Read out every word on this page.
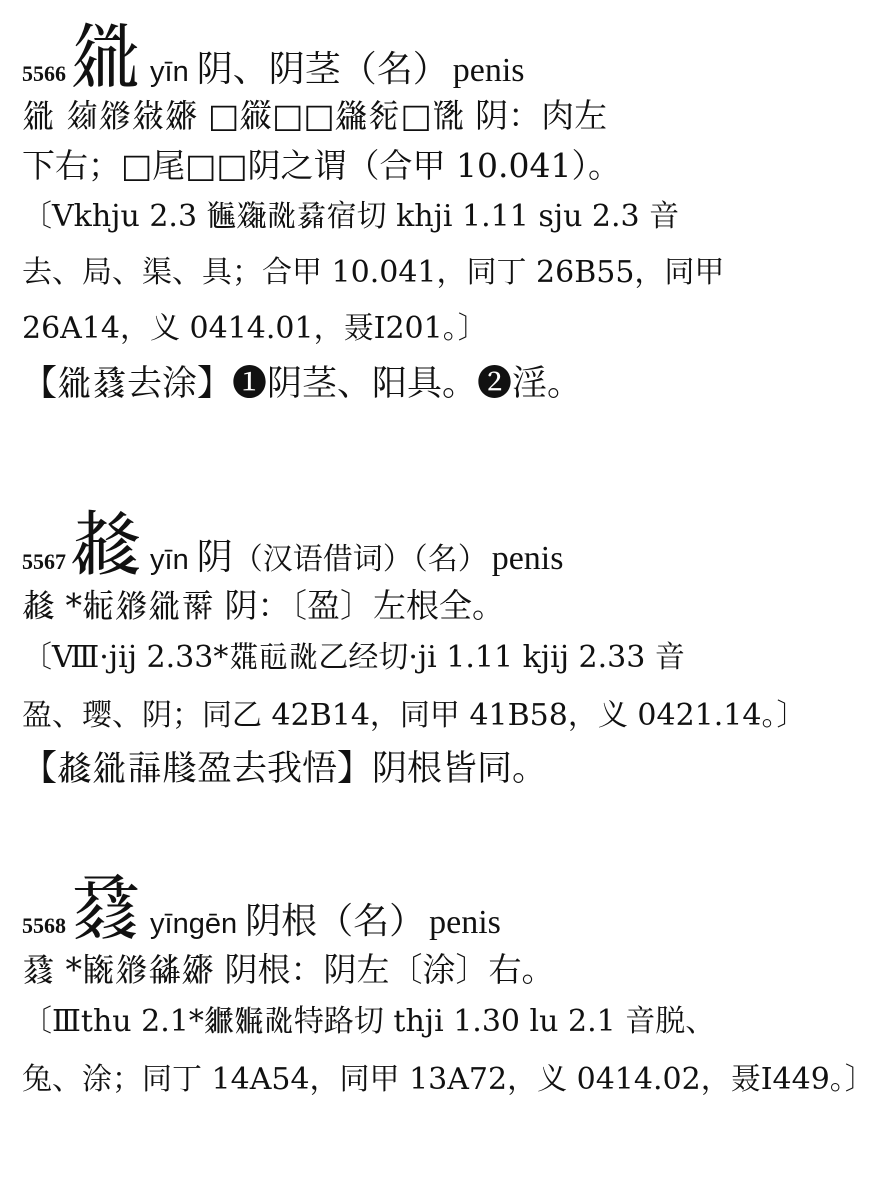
5566 𗥦 yīn 阴、阴茎 （名） penis

𗥦 𗦻𗧁𗨀𗩍 □𗪡□□𗫈𗬣□𗭮 阴：肉左

下右；□尾□□阴之谓（合甲 10.041）。

〔Ⅴkhju 2.3 𗮿𗯥𗰚𗱣宿切 khji 1.11 sju 2.3 音

去、局、渠、具；合甲 10.041，同丁 26B55，同甲

26A14，义 0414.01，聂Ⅰ201。〕

【𗥦𗲔去涂】❶阴茎、阳具。❷淫。

5567 𗳕 yīn 阴 （汉语借词）（名） penis

𗳕 *𗴐𗧁𗥦𗵅 阴：〔盈〕左根全。

〔Ⅷ·jij 2.33*𗶷𗷠𗰚乙经切·ji 1.11 kjij 2.33 音

盈、璎、阴；同乙 42B14，同甲 41B58，义 0421.14。〕

【𗳕𗥦𗸿𗹦盈去我悟】阴根皆同。

5568 𗲔 yīngēn 阴根 （名） penis

𗲔 *𗺁𗧁𗻍𗩍 阴根：阴左〔涂〕右。

〔Ⅲthu 2.1*𗼁𗽢𗰚特路切 thji 1.30 lu 2.1 音脱、

兔、涂；同丁 14A54，同甲 13A72，义 0414.02，聂Ⅰ449。〕
